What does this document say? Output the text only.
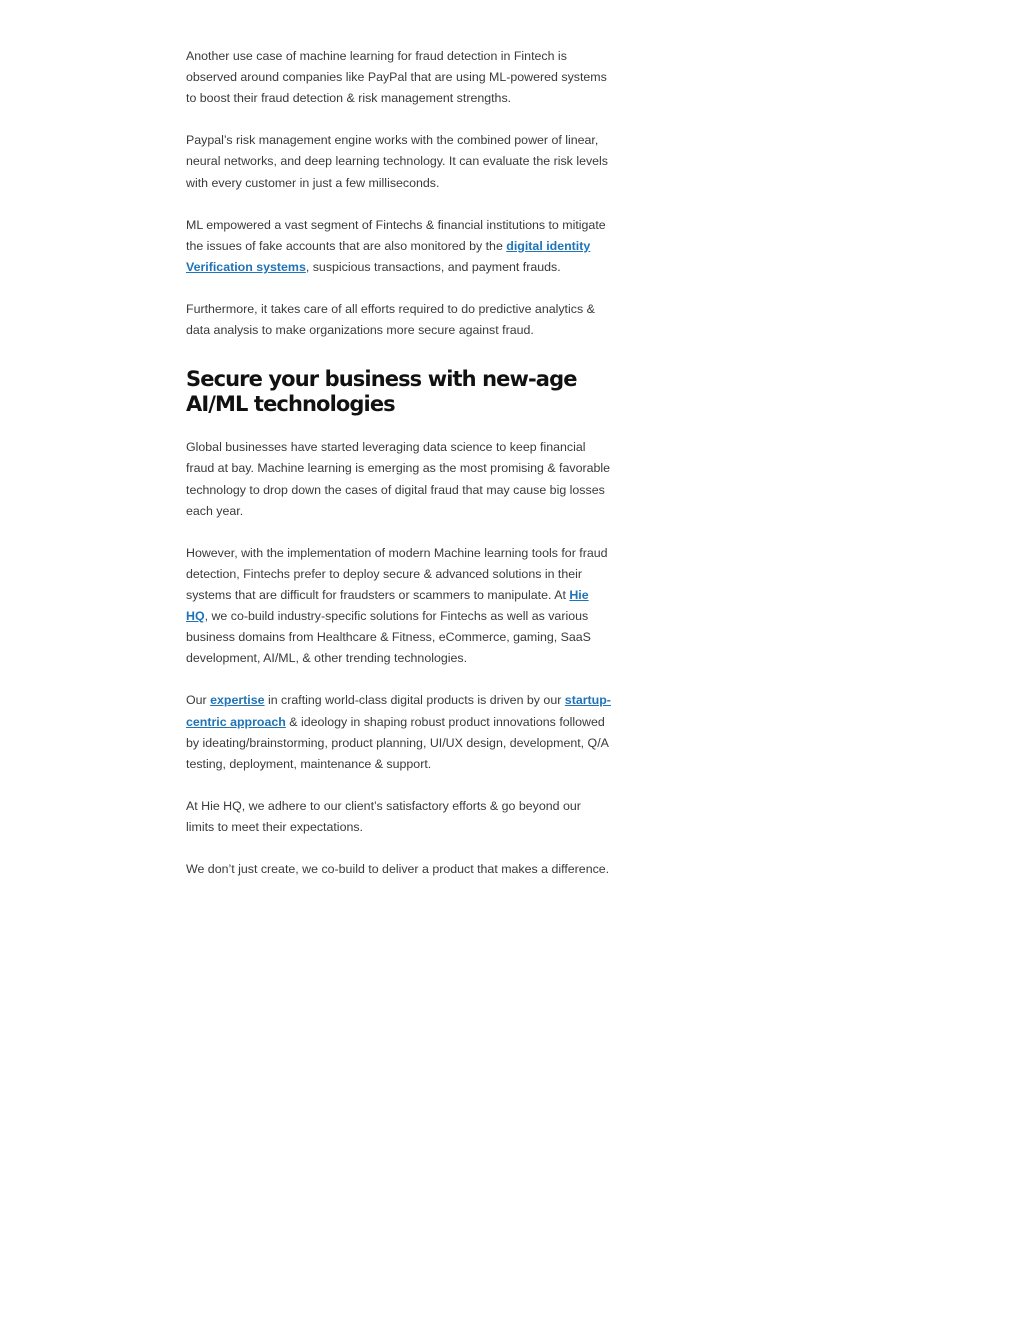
Another use case of machine learning for fraud detection in Fintech is observed around companies like PayPal that are using ML-powered systems to boost their fraud detection & risk management strengths.

Paypal’s risk management engine works with the combined power of linear, neural networks, and deep learning technology. It can evaluate the risk levels with every customer in just a few milliseconds.

ML empowered a vast segment of Fintechs & financial institutions to mitigate the issues of fake accounts that are also monitored by the digital identity Verification systems, suspicious transactions, and payment frauds.

Furthermore, it takes care of all efforts required to do predictive analytics & data analysis to make organizations more secure against fraud.

Secure your business with new-age AI/ML technologies

Global businesses have started leveraging data science to keep financial fraud at bay. Machine learning is emerging as the most promising & favorable technology to drop down the cases of digital fraud that may cause big losses each year.

However, with the implementation of modern Machine learning tools for fraud detection, Fintechs prefer to deploy secure & advanced solutions in their systems that are difficult for fraudsters or scammers to manipulate. At Hie HQ, we co-build industry-specific solutions for Fintechs as well as various business domains from Healthcare & Fitness, eCommerce, gaming, SaaS development, AI/ML, & other trending technologies.

Our expertise in crafting world-class digital products is driven by our startup-centric approach & ideology in shaping robust product innovations followed by ideating/brainstorming, product planning, UI/UX design, development, Q/A testing, deployment, maintenance & support.

At Hie HQ, we adhere to our client’s satisfactory efforts & go beyond our limits to meet their expectations.

We don’t just create, we co-build to deliver a product that makes a difference.
